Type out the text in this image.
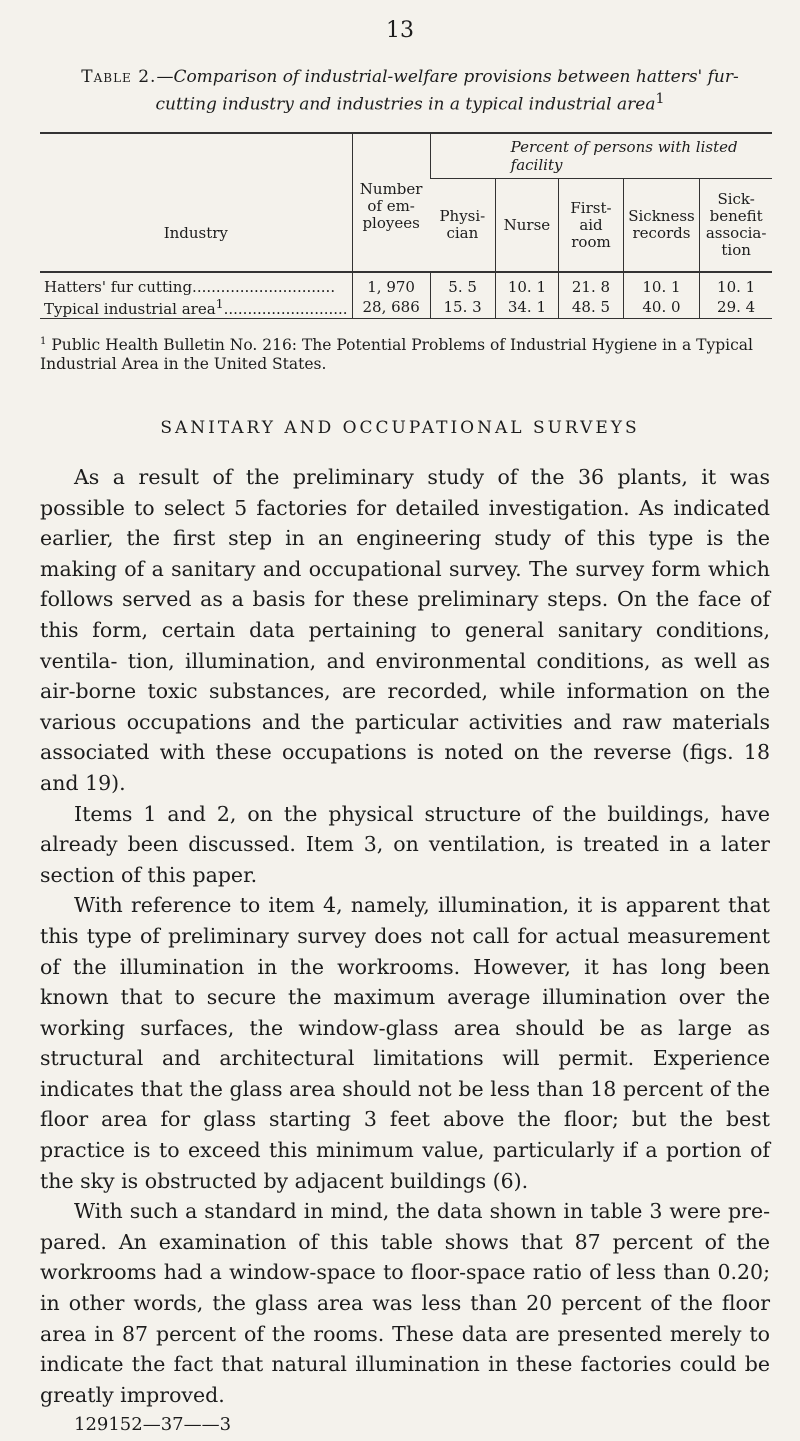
13
Table 2.—Comparison of industrial-welfare provisions between hatters' fur-cutting industry and industries in a typical industrial area$^1$
Industry	Number of em- ployees	Percent of persons with listed facility				
		Physi- cian	Nurse	First-aid room	Sickness records	Sick- benefit associa- tion
Hatters' fur cutting..............................	1, 970	5. 5	10. 1	21. 8	10. 1	10. 1
Typical industrial area$^1$..........................	28, 686	15. 3	34. 1	48. 5	40. 0	29. 4
$^1$ Public Health Bulletin No. 216: The Potential Problems of Industrial Hygiene in a Typical Industrial Area in the United States.
SANITARY AND OCCUPATIONAL SURVEYS

As a result of the preliminary study of the 36 plants, it was possible to select 5 factories for detailed investigation. As indicated earlier, the first step in an engineering study of this type is the making of a sanitary and occupational survey. The survey form which follows served as a basis for these preliminary steps. On the face of this form, certain data pertaining to general sanitary conditions, ventila- tion, illumination, and environmental conditions, as well as air-borne toxic substances, are recorded, while information on the various occupations and the particular activities and raw materials associated with these occupations is noted on the reverse (figs. 18 and 19).

Items 1 and 2, on the physical structure of the buildings, have already been discussed. Item 3, on ventilation, is treated in a later section of this paper.

With reference to item 4, namely, illumination, it is apparent that this type of preliminary survey does not call for actual measurement of the illumination in the workrooms. However, it has long been known that to secure the maximum average illumination over the working surfaces, the window-glass area should be as large as structural and architectural limitations will permit. Experience indicates that the glass area should not be less than 18 percent of the floor area for glass starting 3 feet above the floor; but the best practice is to exceed this minimum value, particularly if a portion of the sky is obstructed by adjacent buildings (6).

With such a standard in mind, the data shown in table 3 were pre- pared. An examination of this table shows that 87 percent of the workrooms had a window-space to floor-space ratio of less than 0.20; in other words, the glass area was less than 20 percent of the floor area in 87 percent of the rooms. These data are presented merely to indicate the fact that natural illumination in these factories could be greatly improved.

129152—37——3
